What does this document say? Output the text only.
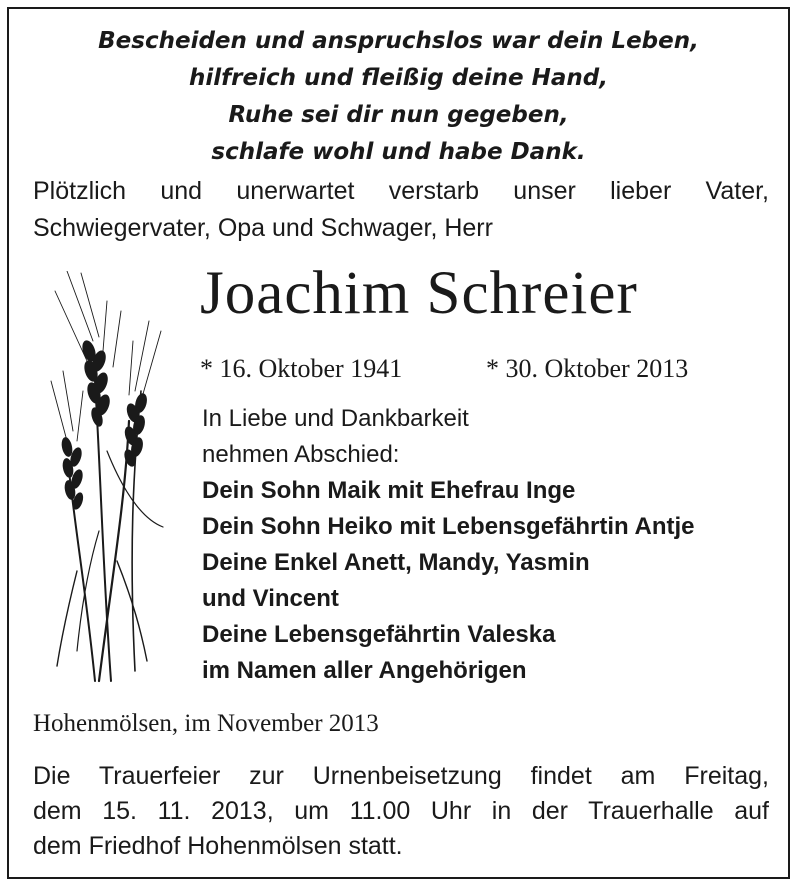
Bescheiden und anspruchslos war dein Leben,
hilfreich und fleißig deine Hand,
Ruhe sei dir nun gegeben,
schlafe wohl und habe Dank.
Plötzlich und unerwartet verstarb unser lieber Vater,
Schwiegervater, Opa und Schwager, Herr
Joachim Schreier
* 16. Oktober 1941	* 30. Oktober 2013
In Liebe und Dankbarkeit
nehmen Abschied:
Dein Sohn Maik mit Ehefrau Inge
Dein Sohn Heiko mit Lebensgefährtin Antje
Deine Enkel Anett, Mandy, Yasmin
und Vincent
Deine Lebensgefährtin Valeska
im Namen aller Angehörigen
Hohenmölsen, im November 2013
Die Trauerfeier zur Urnenbeisetzung findet am Freitag,
dem 15. 11. 2013, um 11.00 Uhr in der Trauerhalle auf
dem Friedhof Hohenmölsen statt.
